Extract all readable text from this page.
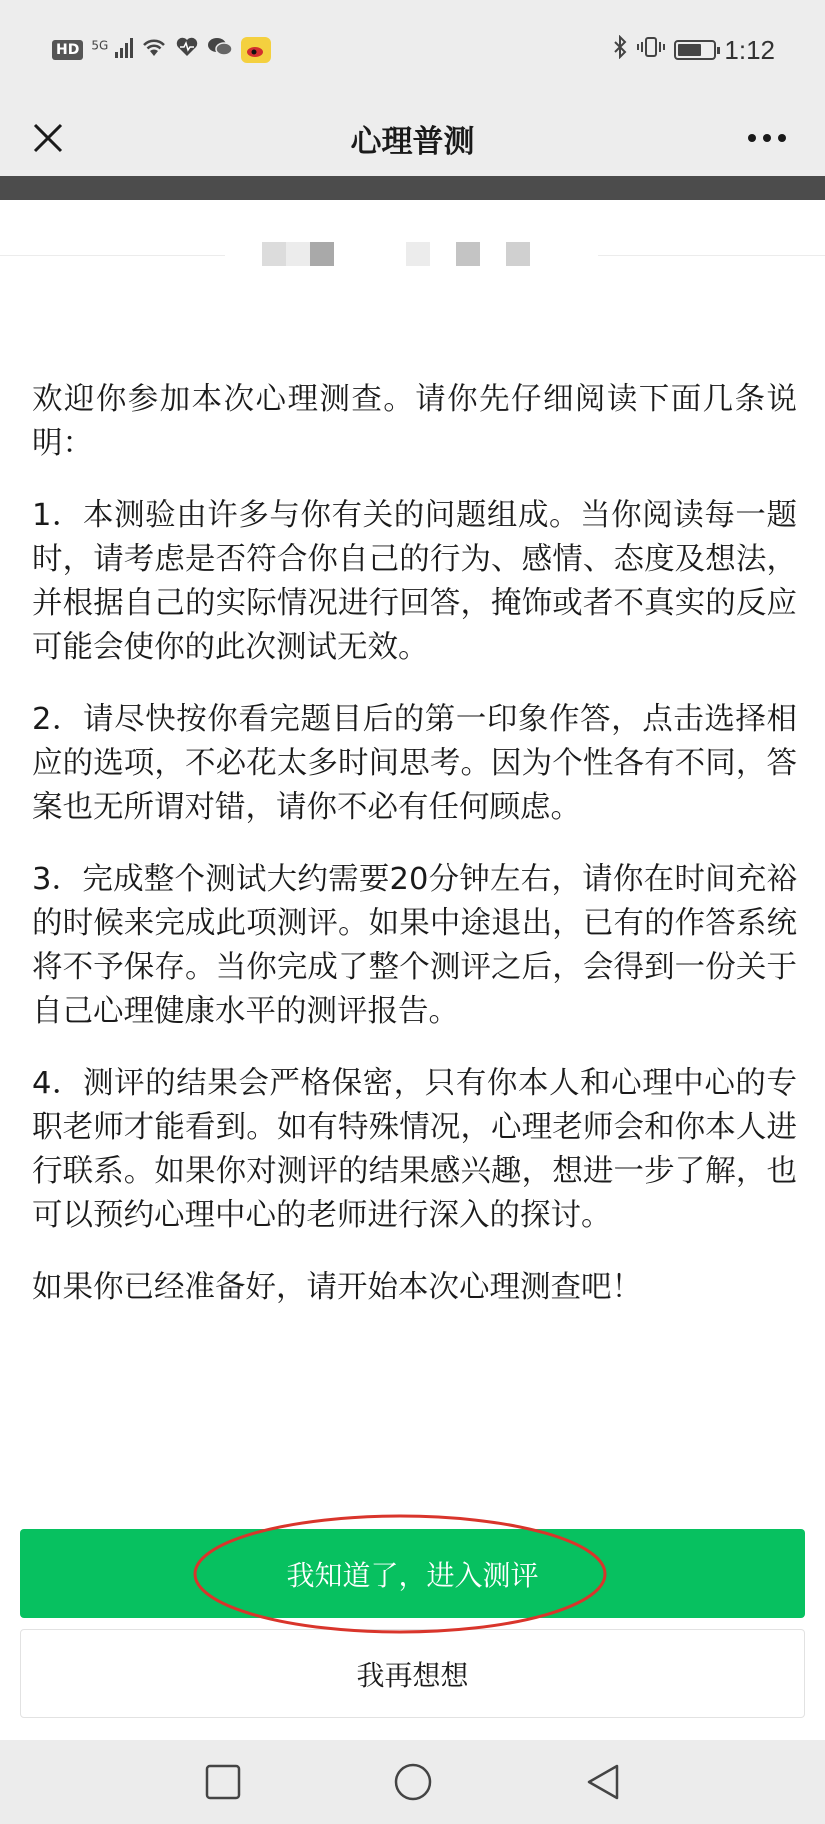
HD	$^{5G}$	1:12
心理普测

欢迎你参加本次心理测查。请你先仔细阅读下面几条说明：

1．本测验由许多与你有关的问题组成。当你阅读每一题时，请考虑是否符合你自己的行为、感情、态度及想法，并根据自己的实际情况进行回答，掩饰或者不真实的反应可能会使你的此次测试无效。

2．请尽快按你看完题目后的第一印象作答，点击选择相应的选项，不必花太多时间思考。因为个性各有不同，答案也无所谓对错，请你不必有任何顾虑。

3．完成整个测试大约需要20分钟左右，请你在时间充裕的时候来完成此项测评。如果中途退出，已有的作答系统将不予保存。当你完成了整个测评之后，会得到一份关于自己心理健康水平的测评报告。

4．测评的结果会严格保密，只有你本人和心理中心的专职老师才能看到。如有特殊情况，心理老师会和你本人进行联系。如果你对测评的结果感兴趣，想进一步了解，也可以预约心理中心的老师进行深入的探讨。

如果你已经准备好，请开始本次心理测查吧！

我知道了，进入测评
我再想想
